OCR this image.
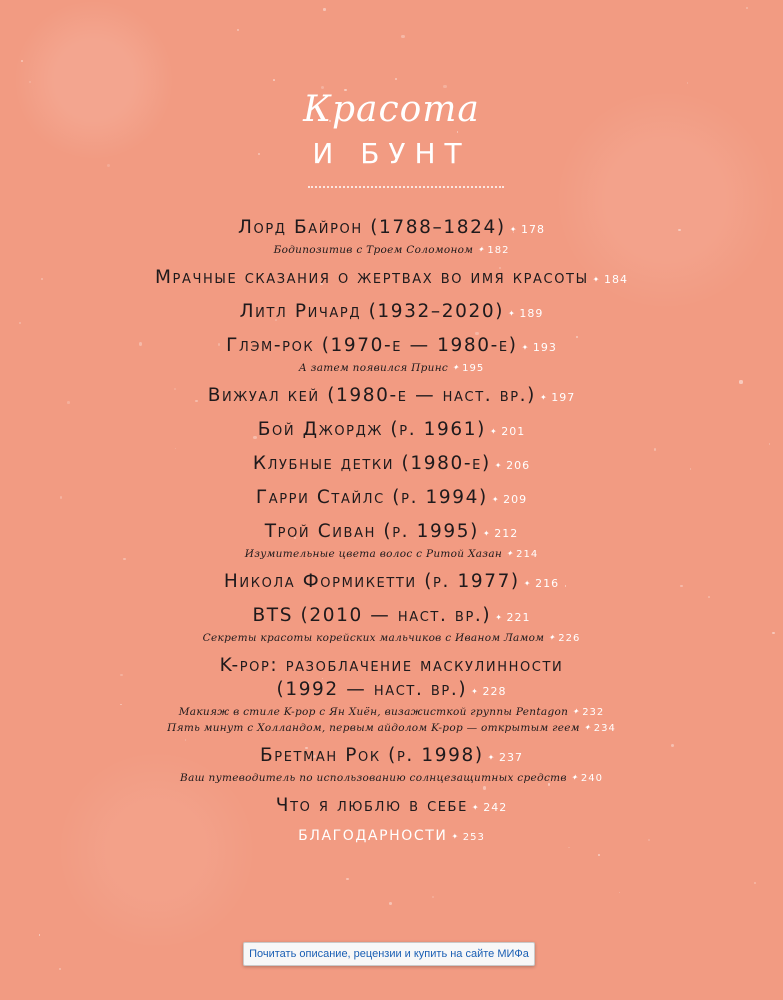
Красота
И БУНТ
Лорд Байрон (1788–1824) ✦ 178
Бодипозитив с Троем Соломоном ✦ 182
Мрачные сказания о жертвах во имя красоты ✦ 184
Литл Ричард (1932–2020) ✦ 189
Глэм-рок (1970-е — 1980-е) ✦ 193
А затем появился Принс ✦ 195
Вижуал кей (1980-е — наст. вр.) ✦ 197
Бой Джордж (р. 1961) ✦ 201
Клубные детки (1980-е) ✦ 206
Гарри Стайлс (р. 1994) ✦ 209
Трой Сиван (р. 1995) ✦ 212
Изумительные цвета волос с Ритой Хазан ✦ 214
Никола Формикетти (р. 1977) ✦ 216
BTS (2010 — наст. вр.) ✦ 221
Секреты красоты корейских мальчиков с Иваном Ламом ✦ 226
K-pop: разоблачение маскулинности
(1992 — наст. вр.) ✦ 228
Макияж в стиле K-pop с Ян Хиён, визажисткой группы Pentagon ✦ 232
Пять минут с Холландом, первым айдолом K-pop — открытым геем ✦ 234
Бретман Рок (р. 1998) ✦ 237
Ваш путеводитель по использованию солнцезащитных средств ✦ 240
Что я люблю в себе ✦ 242
БЛАГОДАРНОСТИ ✦ 253
Почитать описание, рецензии и купить на сайте МИФа
